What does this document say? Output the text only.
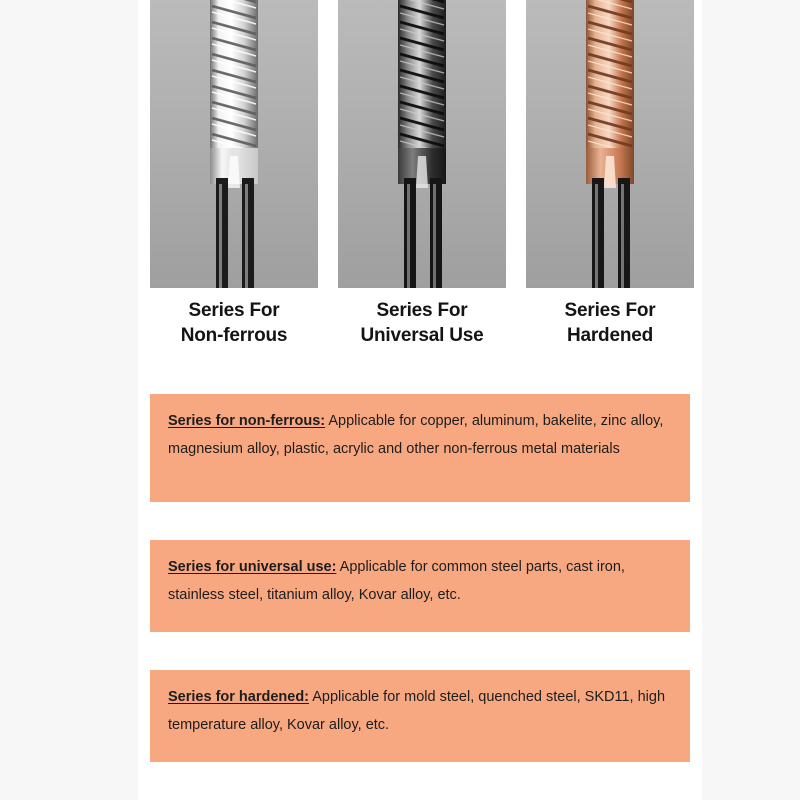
Series For
Non-ferrous
Series For
Universal Use
Series For
Hardened
Series for non-ferrous: Applicable for copper, aluminum, bakelite, zinc alloy, magnesium alloy, plastic, acrylic and other non-ferrous metal materials
Series for universal use: Applicable for common steel parts, cast iron, stainless steel, titanium alloy, Kovar alloy, etc.
Series for hardened: Applicable for mold steel, quenched steel, SKD11, high temperature alloy, Kovar alloy, etc.
